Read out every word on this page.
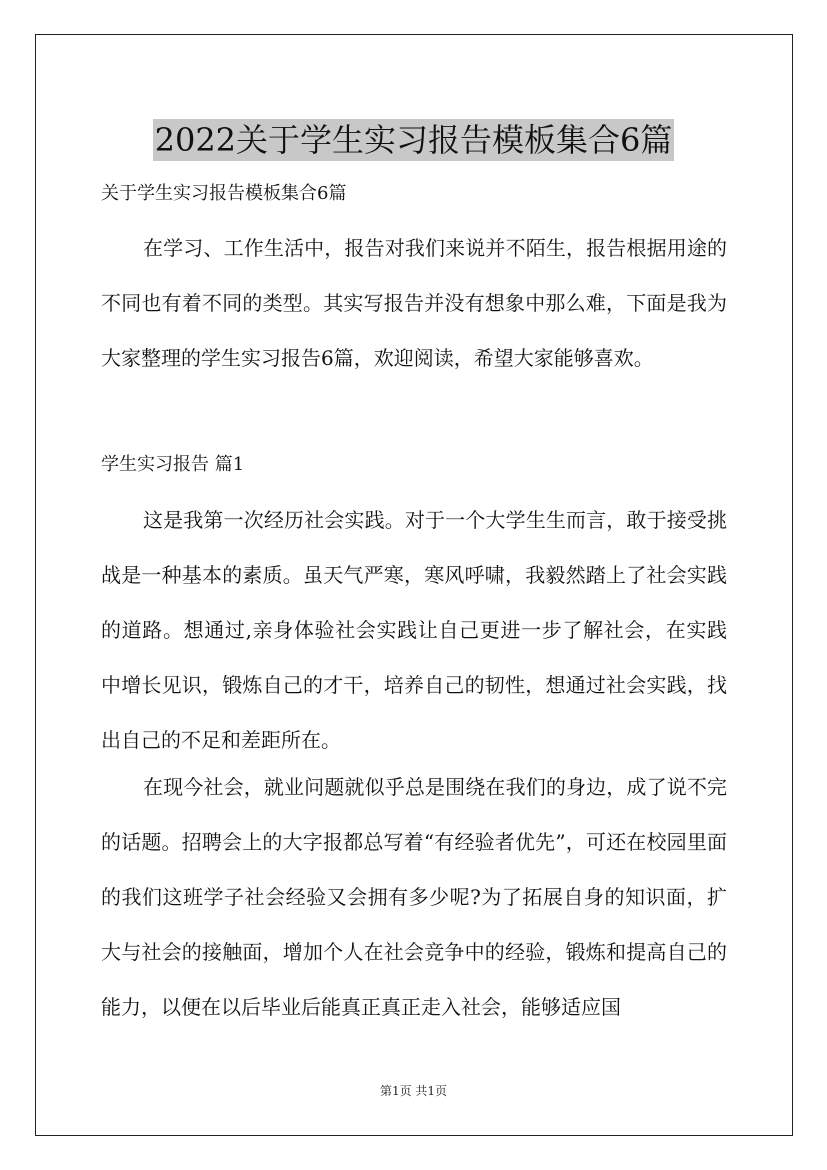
2022关于学生实习报告模板集合6篇
关于学生实习报告模板集合6篇

在学习、工作生活中，报告对我们来说并不陌生，报告根据用途的不同也有着不同的类型。其实写报告并没有想象中那么难，下面是我为大家整理的学生实习报告6篇，欢迎阅读，希望大家能够喜欢。

学生实习报告 篇1

这是我第一次经历社会实践。对于一个大学生生而言，敢于接受挑战是一种基本的素质。虽天气严寒，寒风呼啸，我毅然踏上了社会实践的道路。想通过,亲身体验社会实践让自己更进一步了解社会，在实践中增长见识，锻炼自己的才干，培养自己的韧性，想通过社会实践，找出自己的不足和差距所在。

在现今社会，就业问题就似乎总是围绕在我们的身边，成了说不完的话题。招聘会上的大字报都总写着“有经验者优先”，可还在校园里面的我们这班学子社会经验又会拥有多少呢?为了拓展自身的知识面，扩大与社会的接触面，增加个人在社会竞争中的经验，锻炼和提高自己的能力，以便在以后毕业后能真正真正走入社会，能够适应国

第1页 共1页
